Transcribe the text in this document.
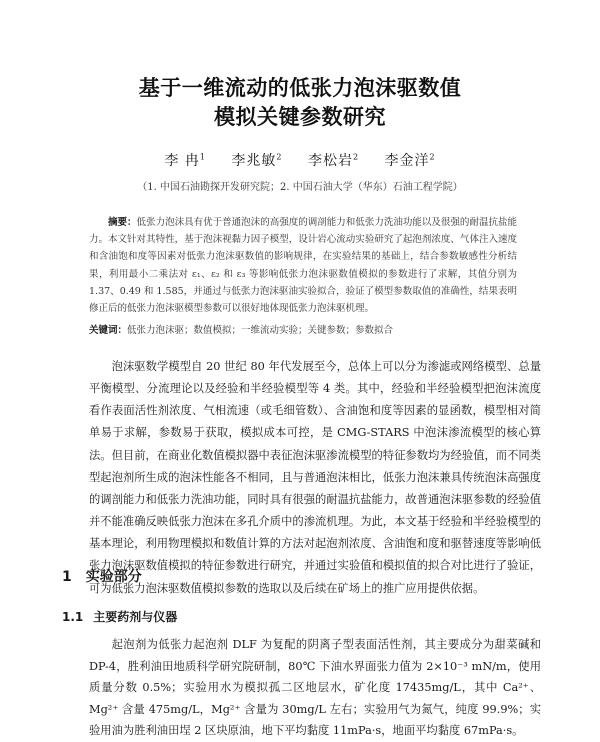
基于一维流动的低张力泡沫驱数值
模拟关键参数研究
李 冉$^1$ 李兆敏$^2$ 李松岩$^2$ 李金洋$^2$
（1. 中国石油勘探开发研究院；2. 中国石油大学（华东）石油工程学院）
摘要：低张力泡沫具有优于普通泡沫的高强度的调剖能力和低张力洗油功能以及很强的耐温抗盐能力。本文针对其特性，基于泡沫视黏力因子模型，设计岩心流动实验研究了起泡剂浓度、气体注入速度和含油饱和度等因素对低张力泡沫驱数值的影响规律，在实验结果的基础上，结合参数敏感性分析结果，利用最小二乘法对 ε₁、ε₂ 和 ε₃ 等影响低张力泡沫驱数值模拟的参数进行了求解，其值分别为 1.37、0.49 和 1.585，并通过与低张力泡沫驱油实验拟合，验证了模型参数取值的准确性，结果表明修正后的低张力泡沫驱模型参数可以很好地体现低张力泡沫驱机理。
关键词：低张力泡沫驱；数值模拟；一维流动实验；关键参数；参数拟合

泡沫驱数学模型自 20 世纪 80 年代发展至今，总体上可以分为渗滤或网络模型、总量平衡模型、分流理论以及经验和半经验模型等 4 类。其中，经验和半经验模型把泡沫流度看作表面活性剂浓度、气相流速（或毛细管数）、含油饱和度等因素的显函数，模型相对简单易于求解，参数易于获取，模拟成本可控，是 CMG-STARS 中泡沫渗流模型的核心算法。但目前，在商业化数值模拟器中表征泡沫驱渗流模型的特征参数均为经验值，而不同类型起泡剂所生成的泡沫性能各不相同，且与普通泡沫相比，低张力泡沫兼具传统泡沫高强度的调剖能力和低张力洗油功能，同时具有很强的耐温抗盐能力，故普通泡沫驱参数的经验值并不能准确反映低张力泡沫在多孔介质中的渗流机理。为此，本文基于经验和半经验模型的基本理论，利用物理模拟和数值计算的方法对起泡剂浓度、含油饱和度和驱替速度等影响低张力泡沫驱数值模拟的特征参数进行研究，并通过实验值和模拟值的拟合对比进行了验证，可为低张力泡沫驱数值模拟参数的选取以及后续在矿场上的推广应用提供依据。

1 实验部分
1.1 主要药剂与仪器

起泡剂为低张力起泡剂 DLF 为复配的阴离子型表面活性剂，其主要成分为甜菜碱和 DP-4，胜利油田地质科学研究院研制，80℃ 下油水界面张力值为 2×10⁻³ mN/m，使用质量分数 0.5%；实验用水为模拟孤二区地层水，矿化度 17435mg/L，其中 Ca²⁺、Mg²⁺ 含量 475mg/L，Mg²⁺ 含量为 30mg/L 左右；实验用气为氮气，纯度 99.9%；实验用油为胜利油田埕 2 区块原油，地下平均黏度 11mPa·s，地面平均黏度 67mPa·s。
